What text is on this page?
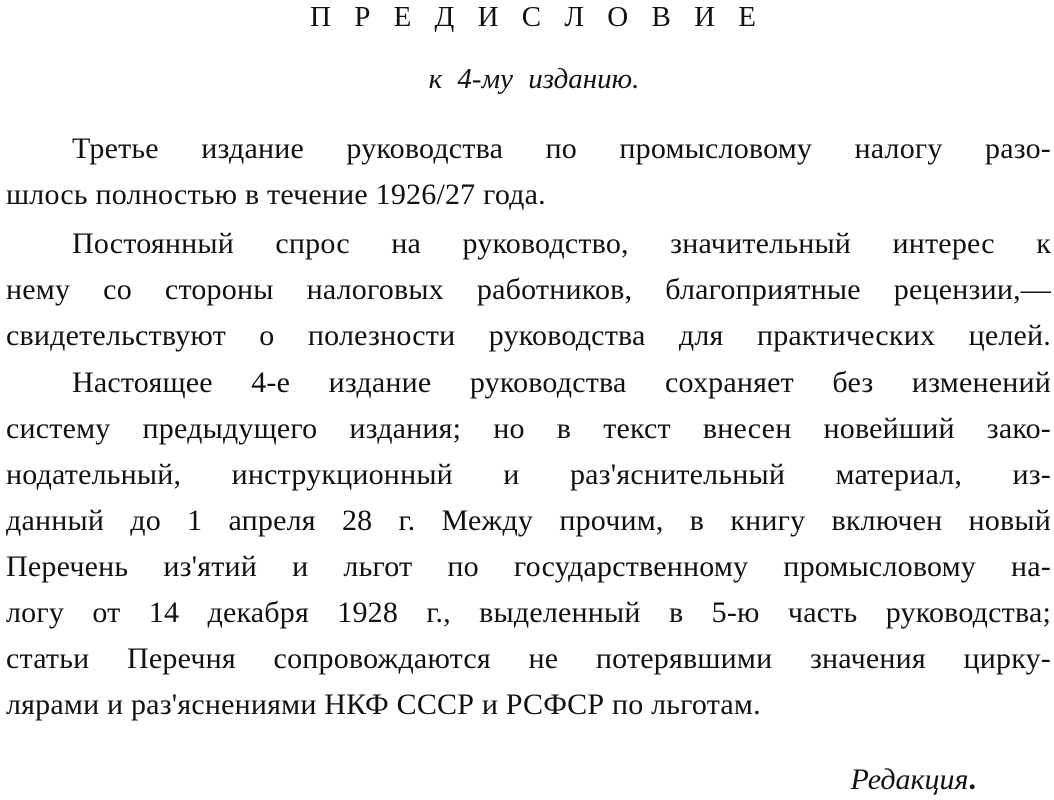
П Р Е Д И С Л О В И Е
к 4-му изданию.
Третье издание руководства по промысловому налогу разо-
шлось полностью в течение 1926/27 года.
Постоянный спрос на руководство, значительный интерес к
нему со стороны налоговых работников, благоприятные рецензии,—
свидетельствуют о полезности руководства для практических целей.
Настоящее 4-е издание руководства сохраняет без изменений
систему предыдущего издания; но в текст внесен новейший зако-
нодательный, инструкционный и раз'яснительный материал, из-
данный до 1 апреля 28 г. Между прочим, в книгу включен новый
Перечень из'ятий и льгот по государственному промысловому на-
логу от 14 декабря 1928 г., выделенный в 5-ю часть руководства;
статьи Перечня сопровождаются не потерявшими значения цирку-
лярами и раз'яснениями НКФ СССР и РСФСР по льготам.
Редакция.
